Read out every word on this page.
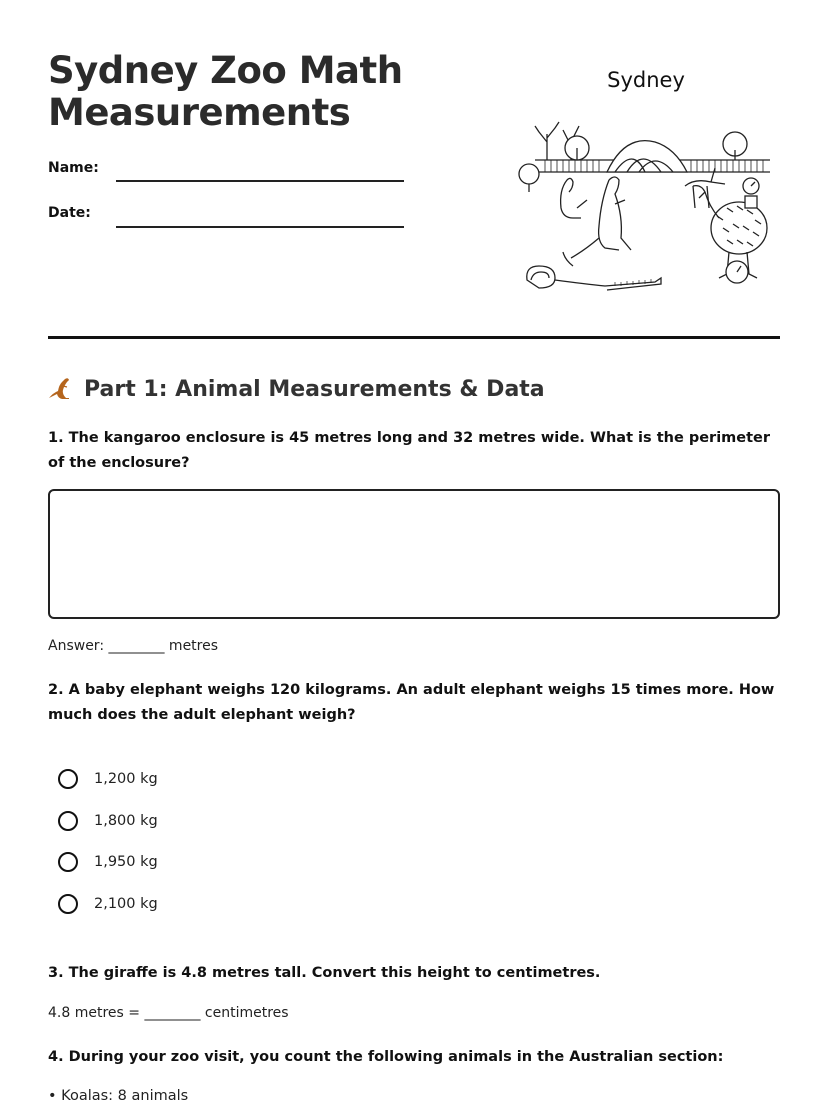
Sydney Zoo Math
Measurements
Name:
Date:
Sydney
Part 1: Animal Measurements & Data

1. The kangaroo enclosure is 45 metres long and 32 metres wide. What is the perimeter of the enclosure?

Answer: ________ metres

2. A baby elephant weighs 120 kilograms. An adult elephant weighs 15 times more. How much does the adult elephant weigh?

1,200 kg
1,800 kg
1,950 kg
2,100 kg

3. The giraffe is 4.8 metres tall. Convert this height to centimetres.

4.8 metres = ________ centimetres

4. During your zoo visit, you count the following animals in the Australian section:

• Koalas: 8 animals
